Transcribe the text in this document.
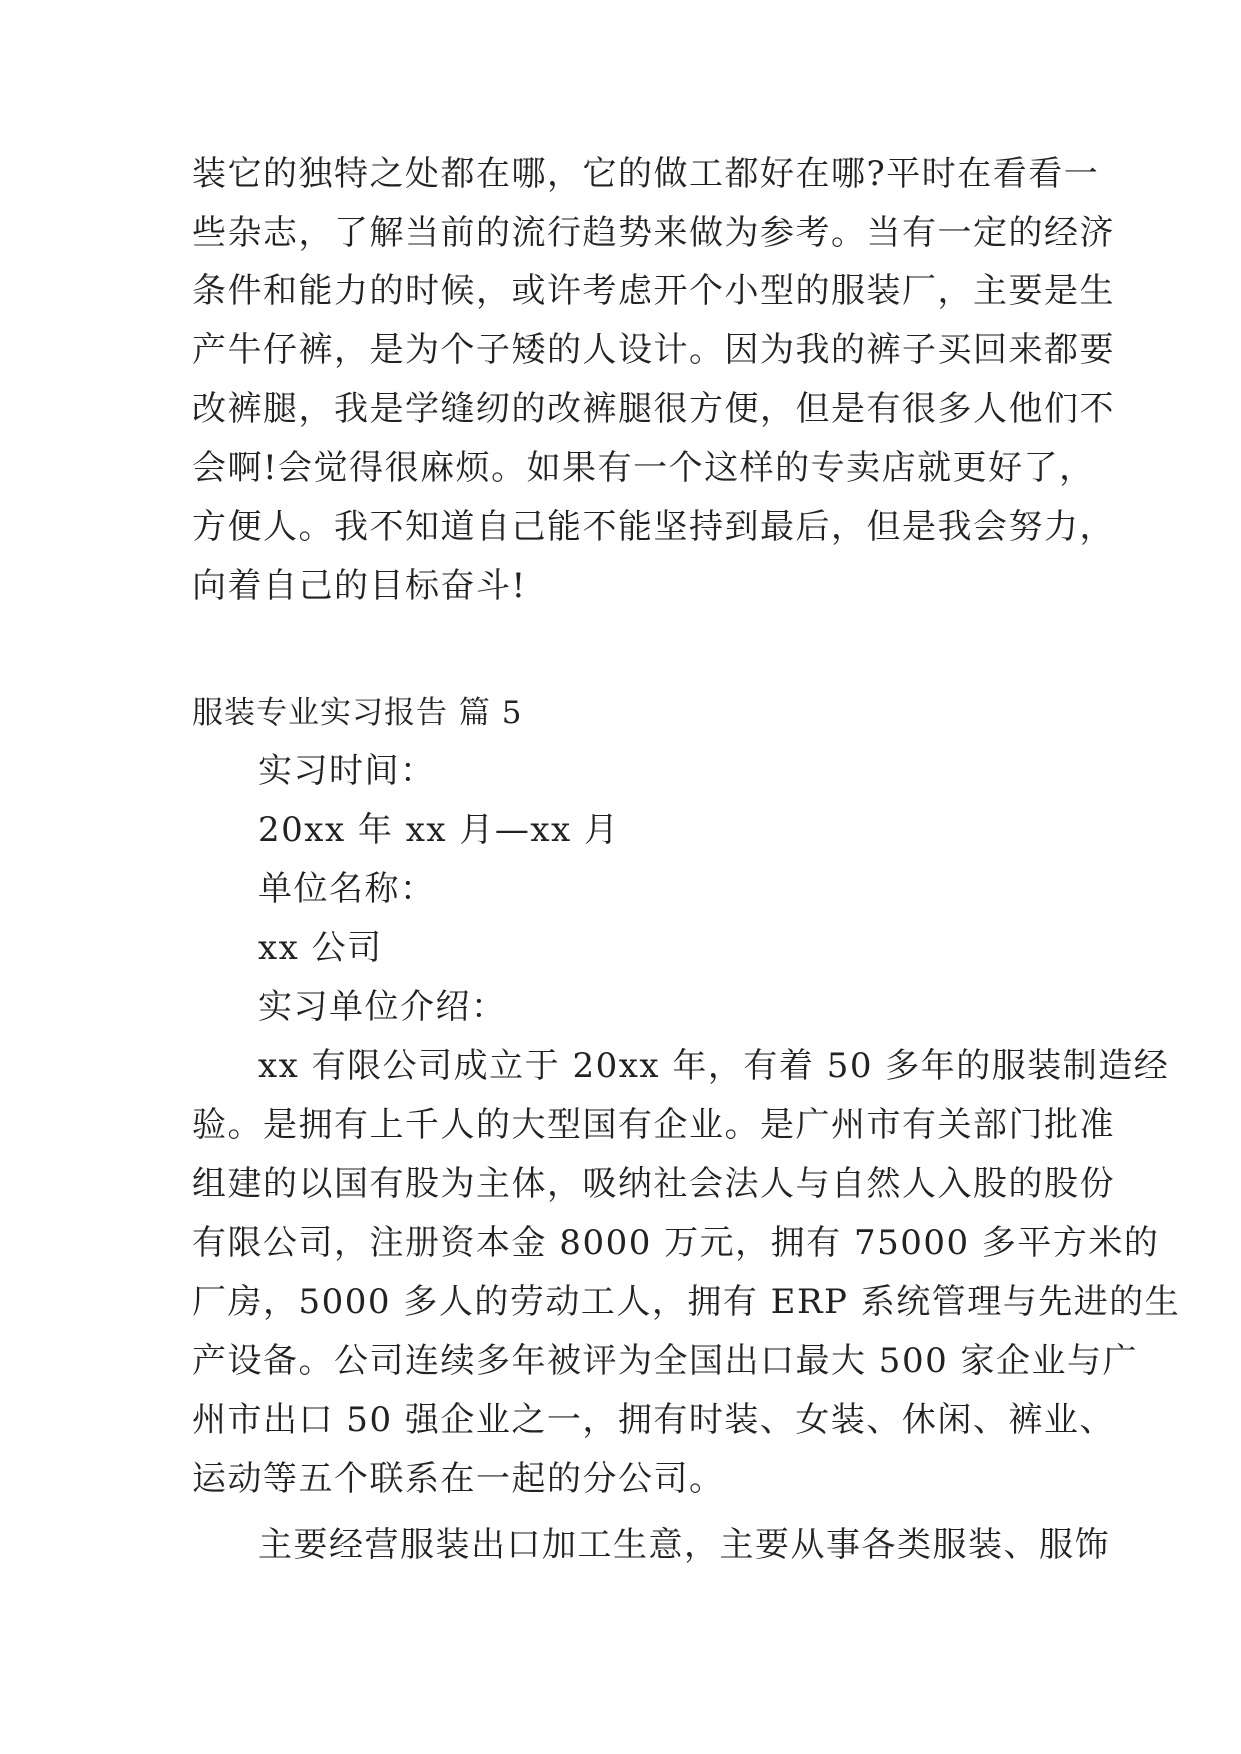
装它的独特之处都在哪，它的做工都好在哪?平时在看看一
些杂志，了解当前的流行趋势来做为参考。当有一定的经济
条件和能力的时候，或许考虑开个小型的服装厂，主要是生
产牛仔裤，是为个子矮的人设计。因为我的裤子买回来都要
改裤腿，我是学缝纫的改裤腿很方便，但是有很多人他们不
会啊!会觉得很麻烦。如果有一个这样的专卖店就更好了，
方便人。我不知道自己能不能坚持到最后，但是我会努力，
向着自己的目标奋斗!
服装专业实习报告 篇 5
实习时间：
20xx 年 xx 月—xx 月
单位名称：
xx 公司
实习单位介绍：
xx 有限公司成立于 20xx 年，有着 50 多年的服装制造经
验。是拥有上千人的大型国有企业。是广州市有关部门批准
组建的以国有股为主体，吸纳社会法人与自然人入股的股份
有限公司，注册资本金 8000 万元，拥有 75000 多平方米的
厂房，5000 多人的劳动工人，拥有 ERP 系统管理与先进的生
产设备。公司连续多年被评为全国出口最大 500 家企业与广
州市出口 50 强企业之一，拥有时装、女装、休闲、裤业、
运动等五个联系在一起的分公司。
主要经营服装出口加工生意，主要从事各类服装、服饰
